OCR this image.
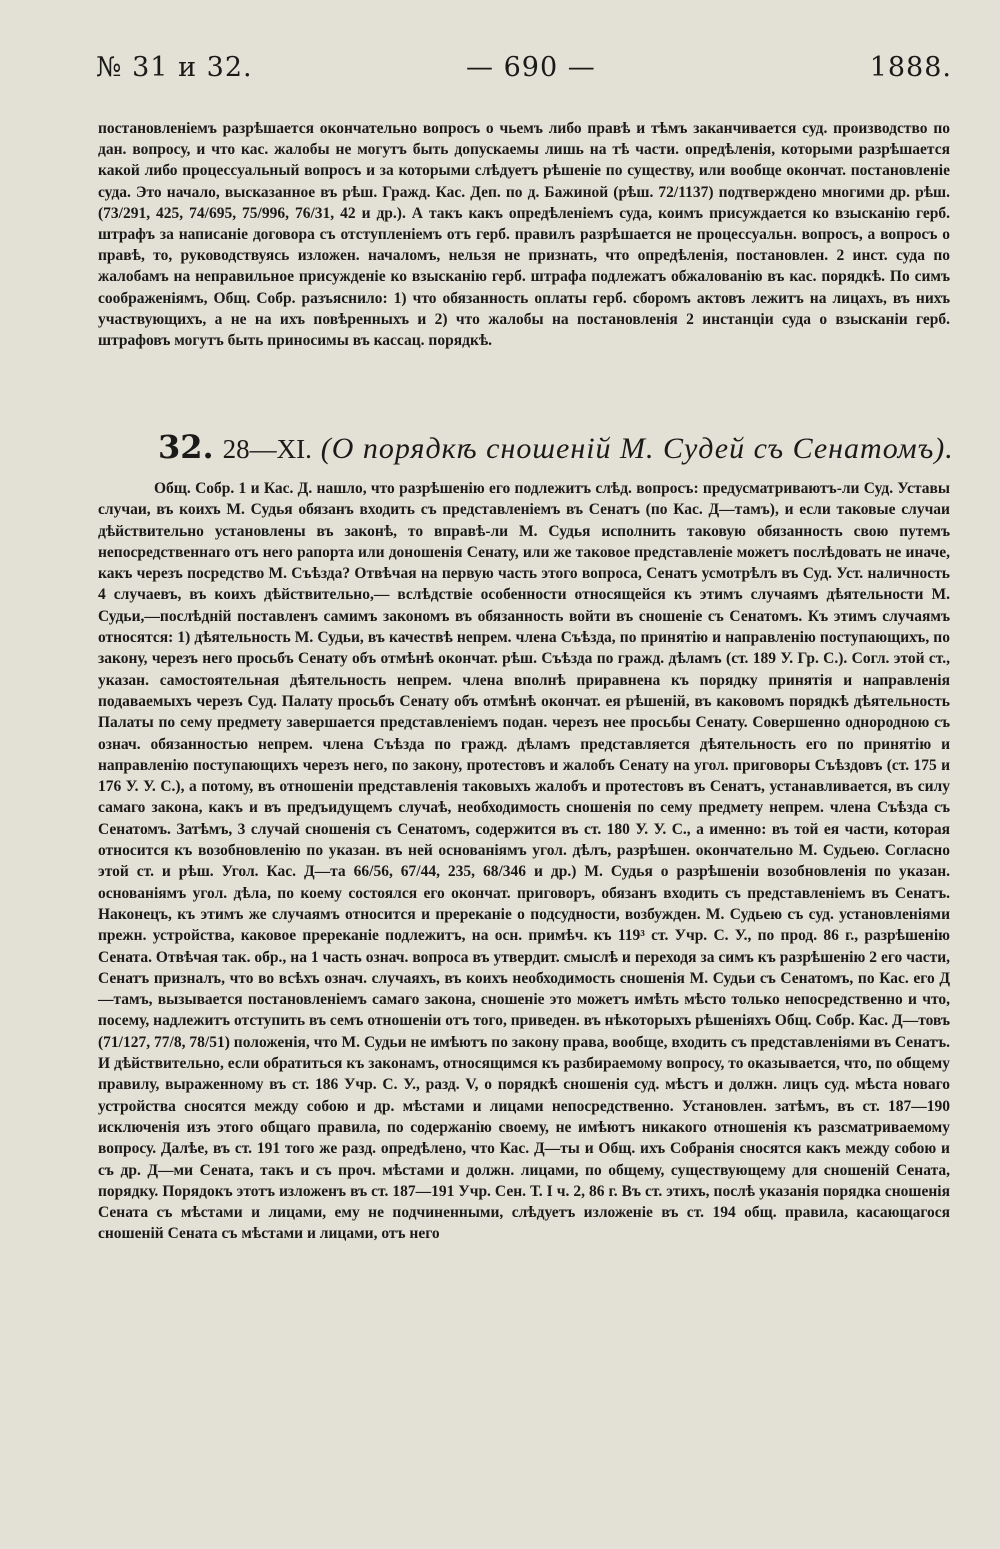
№ 31 и 32.	— 690 —	1888.

постановленіемъ разрѣшается окончательно вопросъ о чьемъ либо правѣ и тѣмъ заканчивается суд. производство по дан. вопросу, и что кас. жалобы не могутъ быть допускаемы лишь на тѣ части. опредѣленія, которыми разрѣшается какой либо процессуальный вопросъ и за которыми слѣдуетъ рѣшеніе по существу, или вообще окончат. постановленіе суда. Это начало, высказанное въ рѣш. Гражд. Кас. Деп. по д. Бажиной (рѣш. 72/1137) подтверждено многими др. рѣш. (73/291, 425, 74/695, 75/996, 76/31, 42 и др.). А такъ какъ опредѣленіемъ суда, коимъ присуждается ко взысканію герб. штрафъ за написаніе договора съ отступленіемъ отъ герб. правилъ разрѣшается не процессуальн. вопросъ, а вопросъ о правѣ, то, руководствуясь изложен. началомъ, нельзя не признать, что опредѣленія, постановлен. 2 инст. суда по жалобамъ на неправильное присужденіе ко взысканію герб. штрафа подлежатъ обжалованію въ кас. порядкѣ. По симъ соображеніямъ, Общ. Собр. разъяснило: 1) что обязанность оплаты герб. сборомъ актовъ лежитъ на лицахъ, въ нихъ участвующихъ, а не на ихъ повѣренныхъ и 2) что жалобы на постановленія 2 инстанціи суда о взысканіи герб. штрафовъ могутъ быть приносимы въ кассац. порядкѣ.

32. 28—XI. (О порядкѣ сношеній М. Судей съ Сенатомъ).

Общ. Собр. 1 и Кас. Д. нашло, что разрѣшенію его подлежитъ слѣд. вопросъ: предусматриваютъ-ли Суд. Уставы случаи, въ коихъ М. Судья обязанъ входить съ представленіемъ въ Сенатъ (по Кас. Д—тамъ), и если таковые случаи дѣйствительно установлены въ законѣ, то вправѣ-ли М. Судья исполнить таковую обязанность свою путемъ непосредственнаго отъ него рапорта или доношенія Сенату, или же таковое представленіе можетъ послѣдовать не иначе, какъ черезъ посредство М. Съѣзда? Отвѣчая на первую часть этого вопроса, Сенатъ усмотрѣлъ въ Суд. Уст. наличность 4 случаевъ, въ коихъ дѣйствительно,— вслѣдствіе особенности относящейся къ этимъ случаямъ дѣятельности М. Судьи,—послѣдній поставленъ самимъ закономъ въ обязанность войти въ сношеніе съ Сенатомъ. Къ этимъ случаямъ относятся: 1) дѣятельность М. Судьи, въ качествѣ непрем. члена Съѣзда, по принятію и направленію поступающихъ, по закону, черезъ него просьбъ Сенату объ отмѣнѣ окончат. рѣш. Съѣзда по гражд. дѣламъ (ст. 189 У. Гр. С.). Согл. этой ст., указан. самостоятельная дѣятельность непрем. члена вполнѣ приравнена къ порядку принятія и направленія подаваемыхъ черезъ Суд. Палату просьбъ Сенату объ отмѣнѣ окончат. ея рѣшеній, въ каковомъ порядкѣ дѣятельность Палаты по сему предмету завершается представленіемъ подан. черезъ нее просьбы Сенату. Совершенно однородною съ означ. обязанностью непрем. члена Съѣзда по гражд. дѣламъ представляется дѣятельность его по принятію и направленію поступающихъ черезъ него, по закону, протестовъ и жалобъ Сенату на угол. приговоры Съѣздовъ (ст. 175 и 176 У. У. С.), а потому, въ отношеніи представленія таковыхъ жалобъ и протестовъ въ Сенатъ, устанавливается, въ силу самаго закона, какъ и въ предъидущемъ случаѣ, необходимость сношенія по сему предмету непрем. члена Съѣзда съ Сенатомъ. Затѣмъ, 3 случай сношенія съ Сенатомъ, содержится въ ст. 180 У. У. С., а именно: въ той ея части, которая относится къ возобновленію по указан. въ ней основаніямъ угол. дѣлъ, разрѣшен. окончательно М. Судьею. Согласно этой ст. и рѣш. Угол. Кас. Д—та 66/56, 67/44, 235, 68/346 и др.) М. Судья о разрѣшеніи возобновленія по указан. основаніямъ угол. дѣла, по коему состоялся его окончат. приговоръ, обязанъ входить съ представленіемъ въ Сенатъ. Наконецъ, къ этимъ же случаямъ относится и пререканіе о подсудности, возбужден. М. Судьею съ суд. установленіями прежн. устройства, каковое пререканіе подлежитъ, на осн. примѣч. къ 119³ ст. Учр. С. У., по прод. 86 г., разрѣшенію Сената. Отвѣчая так. обр., на 1 часть означ. вопроса въ утвердит. смыслѣ и переходя за симъ къ разрѣшенію 2 его части, Сенатъ призналъ, что во всѣхъ означ. случаяхъ, въ коихъ необходимость сношенія М. Судьи съ Сенатомъ, по Кас. его Д—тамъ, вызывается постановленіемъ самаго закона, сношеніе это можетъ имѣть мѣсто только непосредственно и что, посему, надлежитъ отступить въ семъ отношеніи отъ того, приведен. въ нѣкоторыхъ рѣшеніяхъ Общ. Собр. Кас. Д—товъ (71/127, 77/8, 78/51) положенія, что М. Судьи не имѣютъ по закону права, вообще, входить съ представленіями въ Сенатъ. И дѣйствительно, если обратиться къ законамъ, относящимся къ разбираемому вопросу, то оказывается, что, по общему правилу, выраженному въ ст. 186 Учр. С. У., разд. V, о порядкѣ сношенія суд. мѣстъ и должн. лицъ суд. мѣста новаго устройства сносятся между собою и др. мѣстами и лицами непосредственно. Установлен. затѣмъ, въ ст. 187—190 исключенія изъ этого общаго правила, по содержанію своему, не имѣютъ никакого отношенія къ разсматриваемому вопросу. Далѣе, въ ст. 191 того же разд. опредѣлено, что Кас. Д—ты и Общ. ихъ Собранія сносятся какъ между собою и съ др. Д—ми Сената, такъ и съ проч. мѣстами и должн. лицами, по общему, существующему для сношеній Сената, порядку. Порядокъ этотъ изложенъ въ ст. 187—191 Учр. Сен. Т. I ч. 2, 86 г. Въ ст. этихъ, послѣ указанія порядка сношенія Сената съ мѣстами и лицами, ему не подчиненными, слѣдуетъ изложеніе въ ст. 194 общ. правила, касающагося сношеній Сената съ мѣстами и лицами, отъ него
